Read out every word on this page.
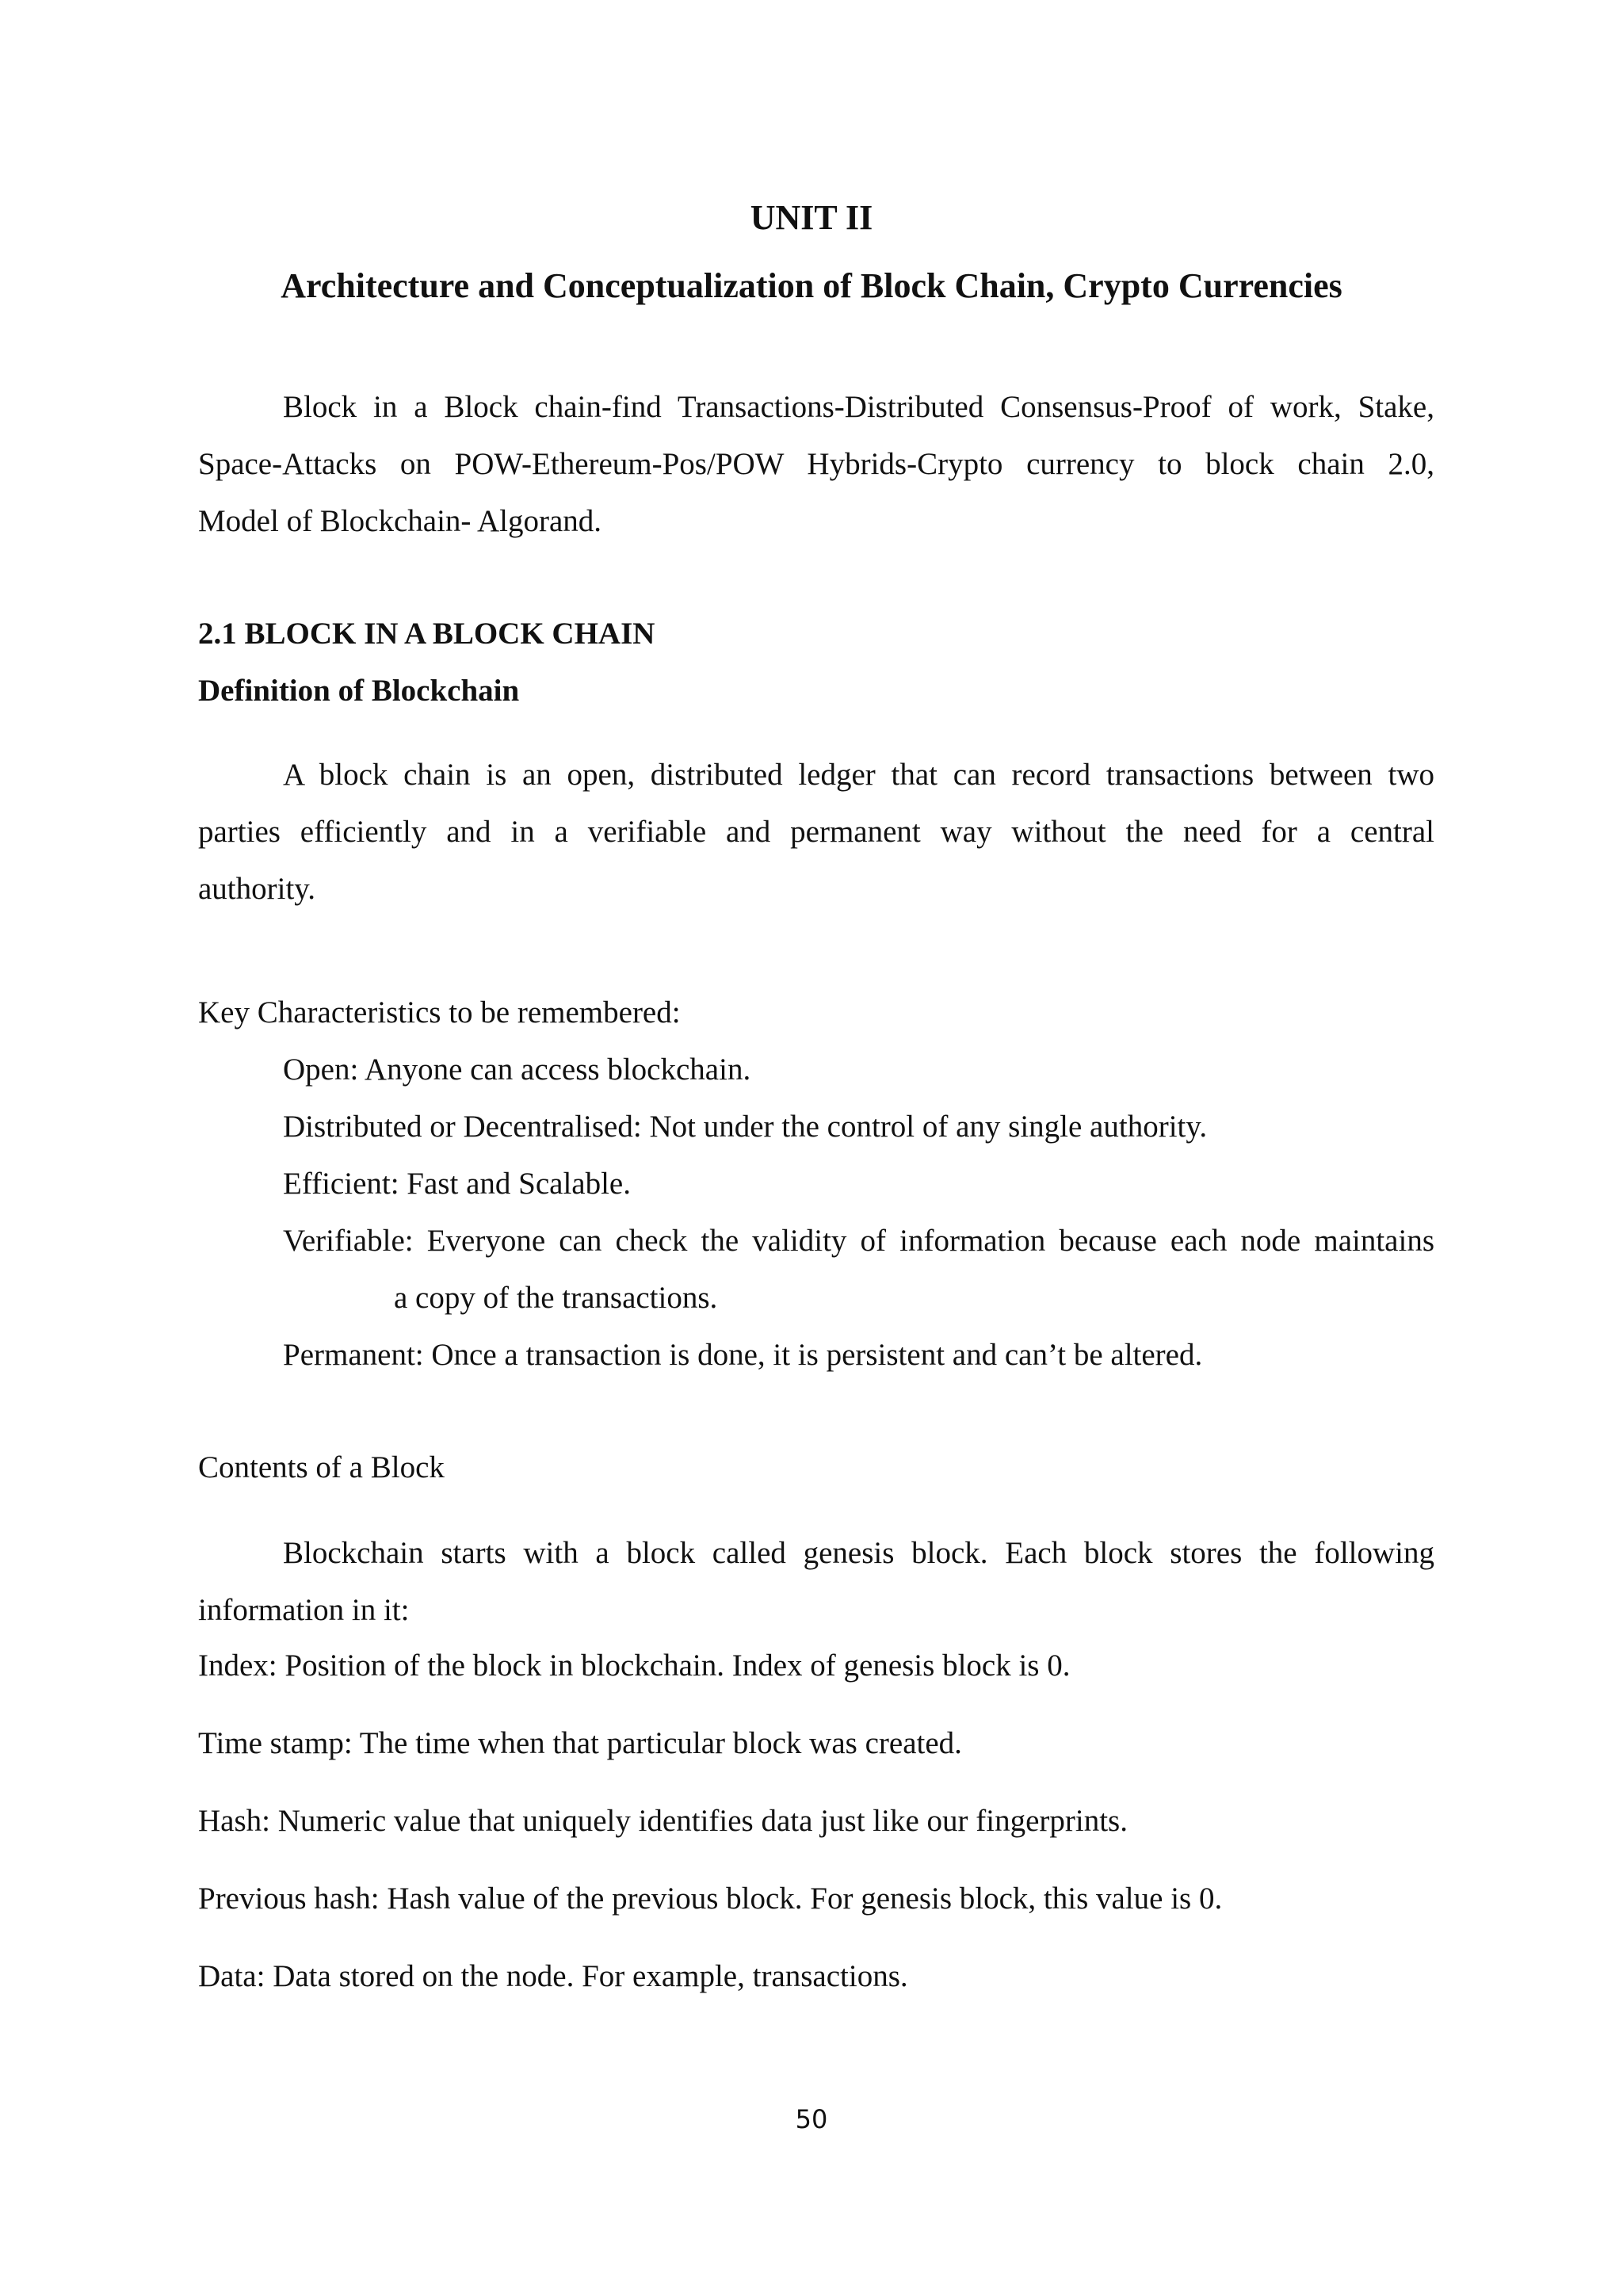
UNIT II
Architecture and Conceptualization of Block Chain, Crypto Currencies
Block in a Block chain-find Transactions-Distributed Consensus-Proof of work, Stake,
Space-Attacks on POW-Ethereum-Pos/POW Hybrids-Crypto currency to block chain 2.0,
Model of Blockchain- Algorand.
2.1 BLOCK IN A BLOCK CHAIN
Definition of Blockchain
A block chain is an open, distributed ledger that can record transactions between two
parties efficiently and in a verifiable and permanent way without the need for a central
authority.
Key Characteristics to be remembered:
Open: Anyone can access blockchain.
Distributed or Decentralised: Not under the control of any single authority.
Efficient: Fast and Scalable.
Verifiable: Everyone can check the validity of information because each node maintains
a copy of the transactions.
Permanent: Once a transaction is done, it is persistent and can’t be altered.
Contents of a Block
Blockchain starts with a block called genesis block. Each block stores the following
information in it:
Index: Position of the block in blockchain. Index of genesis block is 0.
Time stamp: The time when that particular block was created.
Hash: Numeric value that uniquely identifies data just like our fingerprints.
Previous hash: Hash value of the previous block. For genesis block, this value is 0.
Data: Data stored on the node. For example, transactions.
50
